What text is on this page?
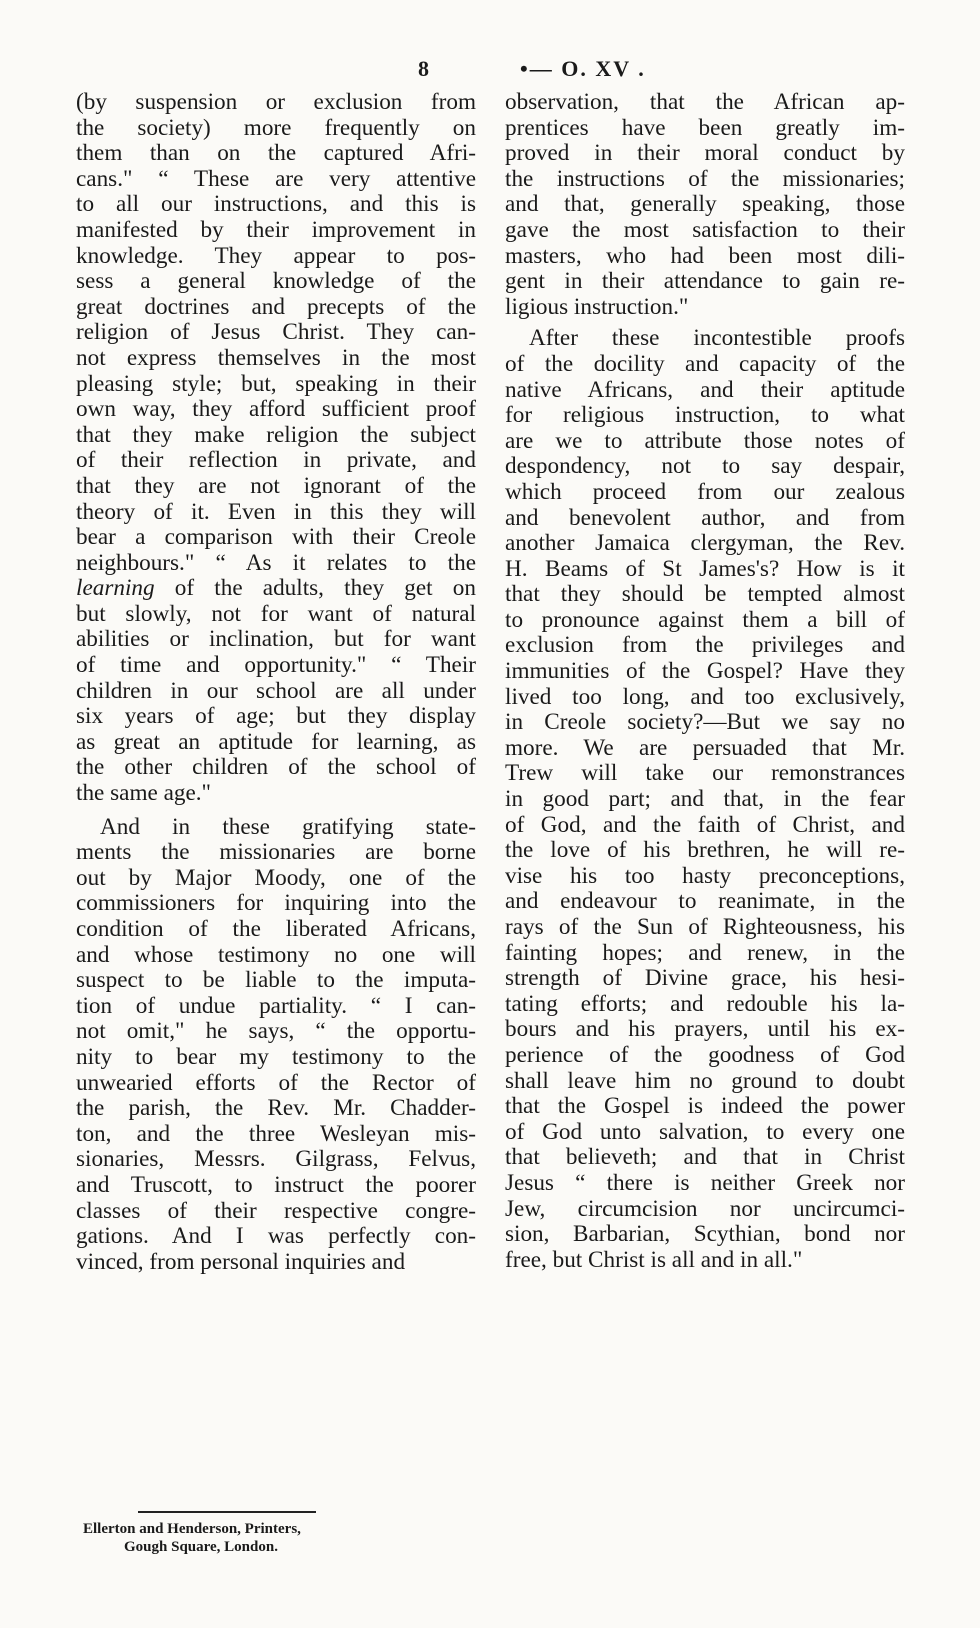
8	•— O. XV .
(by suspension or exclusion from
the society) more frequently on
them than on the captured Afri-
cans." “ These are very attentive
to all our instructions, and this is
manifested by their improvement in
knowledge. They appear to pos-
sess a general knowledge of the
great doctrines and precepts of the
religion of Jesus Christ. They can-
not express themselves in the most
pleasing style; but, speaking in their
own way, they afford sufficient proof
that they make religion the subject
of their reflection in private, and
that they are not ignorant of the
theory of it. Even in this they will
bear a comparison with their Creole
neighbours." “ As it relates to the
learning of the adults, they get on
but slowly, not for want of natural
abilities or inclination, but for want
of time and opportunity." “ Their
children in our school are all under
six years of age; but they display
as great an aptitude for learning, as
the other children of the school of
the same age."
And in these gratifying state-
ments the missionaries are borne
out by Major Moody, one of the
commissioners for inquiring into the
condition of the liberated Africans,
and whose testimony no one will
suspect to be liable to the imputa-
tion of undue partiality. “ I can-
not omit," he says, “ the opportu-
nity to bear my testimony to the
unwearied efforts of the Rector of
the parish, the Rev. Mr. Chadder-
ton, and the three Wesleyan mis-
sionaries, Messrs. Gilgrass, Felvus,
and Truscott, to instruct the poorer
classes of their respective congre-
gations. And I was perfectly con-
vinced, from personal inquiries and
observation, that the African ap-
prentices have been greatly im-
proved in their moral conduct by
the instructions of the missionaries;
and that, generally speaking, those
gave the most satisfaction to their
masters, who had been most dili-
gent in their attendance to gain re-
ligious instruction."
After these incontestible proofs
of the docility and capacity of the
native Africans, and their aptitude
for religious instruction, to what
are we to attribute those notes of
despondency, not to say despair,
which proceed from our zealous
and benevolent author, and from
another Jamaica clergyman, the Rev.
H. Beams of St James's? How is it
that they should be tempted almost
to pronounce against them a bill of
exclusion from the privileges and
immunities of the Gospel? Have they
lived too long, and too exclusively,
in Creole society?—But we say no
more. We are persuaded that Mr.
Trew will take our remonstrances
in good part; and that, in the fear
of God, and the faith of Christ, and
the love of his brethren, he will re-
vise his too hasty preconceptions,
and endeavour to reanimate, in the
rays of the Sun of Righteousness, his
fainting hopes; and renew, in the
strength of Divine grace, his hesi-
tating efforts; and redouble his la-
bours and his prayers, until his ex-
perience of the goodness of God
shall leave him no ground to doubt
that the Gospel is indeed the power
of God unto salvation, to every one
that believeth; and that in Christ
Jesus “ there is neither Greek nor
Jew, circumcision nor uncircumci-
sion, Barbarian, Scythian, bond nor
free, but Christ is all and in all."
Ellerton and Henderson, Printers,
Gough Square, London.
